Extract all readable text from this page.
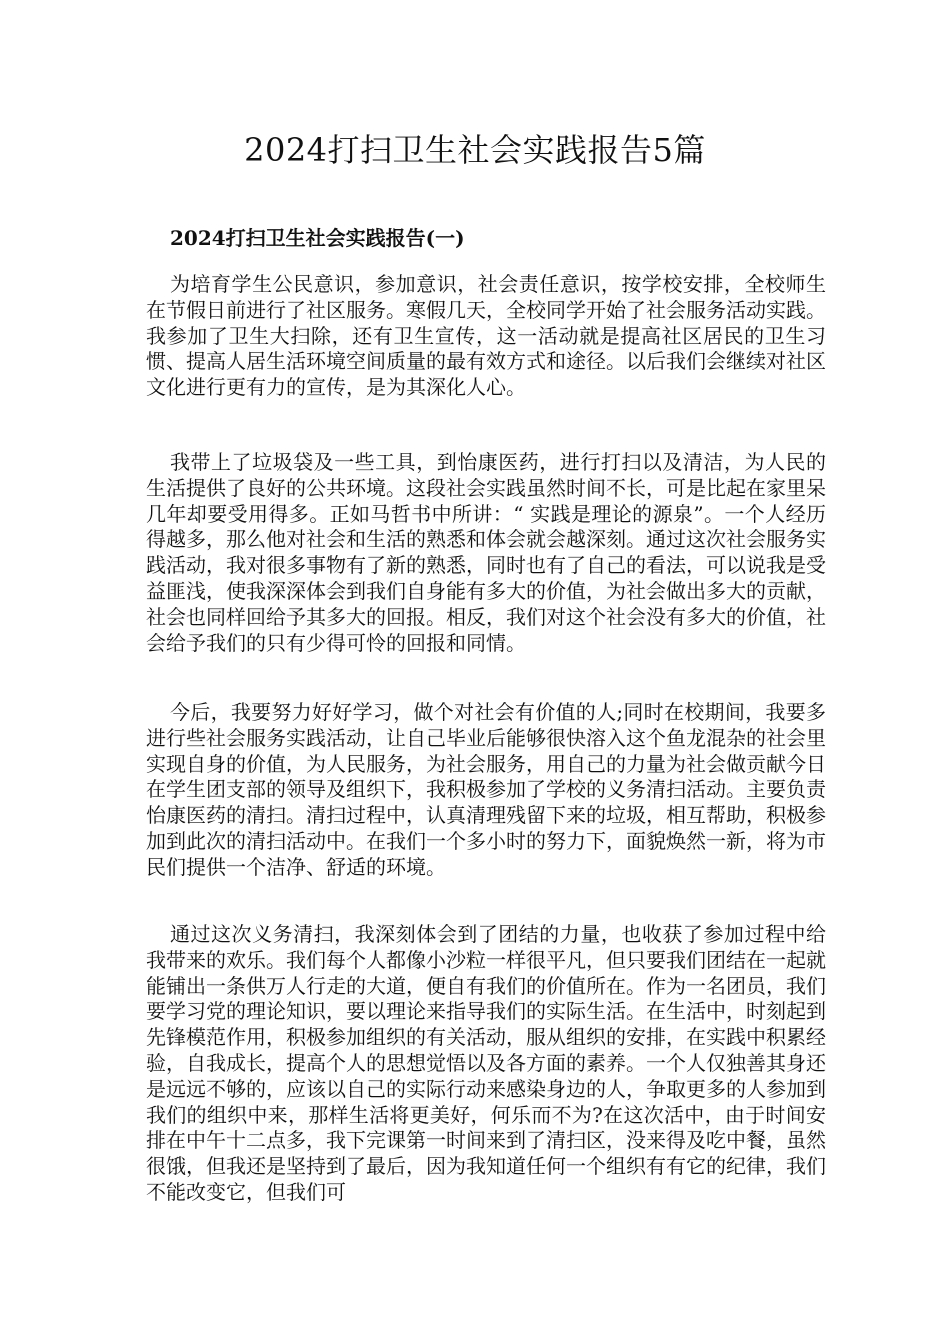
2024打扫卫生社会实践报告5篇
2024打扫卫生社会实践报告(一)

为培育学生公民意识，参加意识，社会责任意识，按学校安排，全校师生在节假日前进行了社区服务。寒假几天，全校同学开始了社会服务活动实践。我参加了卫生大扫除，还有卫生宣传，这一活动就是提高社区居民的卫生习惯、提高人居生活环境空间质量的最有效方式和途径。以后我们会继续对社区文化进行更有力的宣传，是为其深化人心。

我带上了垃圾袋及一些工具，到怡康医药，进行打扫以及清洁，为人民的生活提供了良好的公共环境。这段社会实践虽然时间不长，可是比起在家里呆几年却要受用得多。正如马哲书中所讲：“ 实践是理论的源泉”。一个人经历得越多，那么他对社会和生活的熟悉和体会就会越深刻。通过这次社会服务实践活动，我对很多事物有了新的熟悉，同时也有了自己的看法，可以说我是受益匪浅，使我深深体会到我们自身能有多大的价值，为社会做出多大的贡献，社会也同样回给予其多大的回报。相反，我们对这个社会没有多大的价值，社会给予我们的只有少得可怜的回报和同情。

今后，我要努力好好学习，做个对社会有价值的人;同时在校期间，我要多进行些社会服务实践活动，让自己毕业后能够很快溶入这个鱼龙混杂的社会里实现自身的价值，为人民服务，为社会服务，用自己的力量为社会做贡献今日在学生团支部的领导及组织下，我积极参加了学校的义务清扫活动。主要负责怡康医药的清扫。清扫过程中，认真清理残留下来的垃圾，相互帮助，积极参加到此次的清扫活动中。在我们一个多小时的努力下，面貌焕然一新，将为市民们提供一个洁净、舒适的环境。

通过这次义务清扫，我深刻体会到了团结的力量，也收获了参加过程中给我带来的欢乐。我们每个人都像小沙粒一样很平凡，但只要我们团结在一起就能铺出一条供万人行走的大道，便自有我们的价值所在。作为一名团员，我们要学习党的理论知识，要以理论来指导我们的实际生活。在生活中，时刻起到先锋模范作用，积极参加组织的有关活动，服从组织的安排，在实践中积累经验，自我成长，提高个人的思想觉悟以及各方面的素养。一个人仅独善其身还是远远不够的，应该以自己的实际行动来感染身边的人，争取更多的人参加到我们的组织中来，那样生活将更美好，何乐而不为?在这次活中，由于时间安排在中午十二点多，我下完课第一时间来到了清扫区，没来得及吃中餐，虽然很饿，但我还是坚持到了最后，因为我知道任何一个组织有有它的纪律，我们不能改变它，但我们可
